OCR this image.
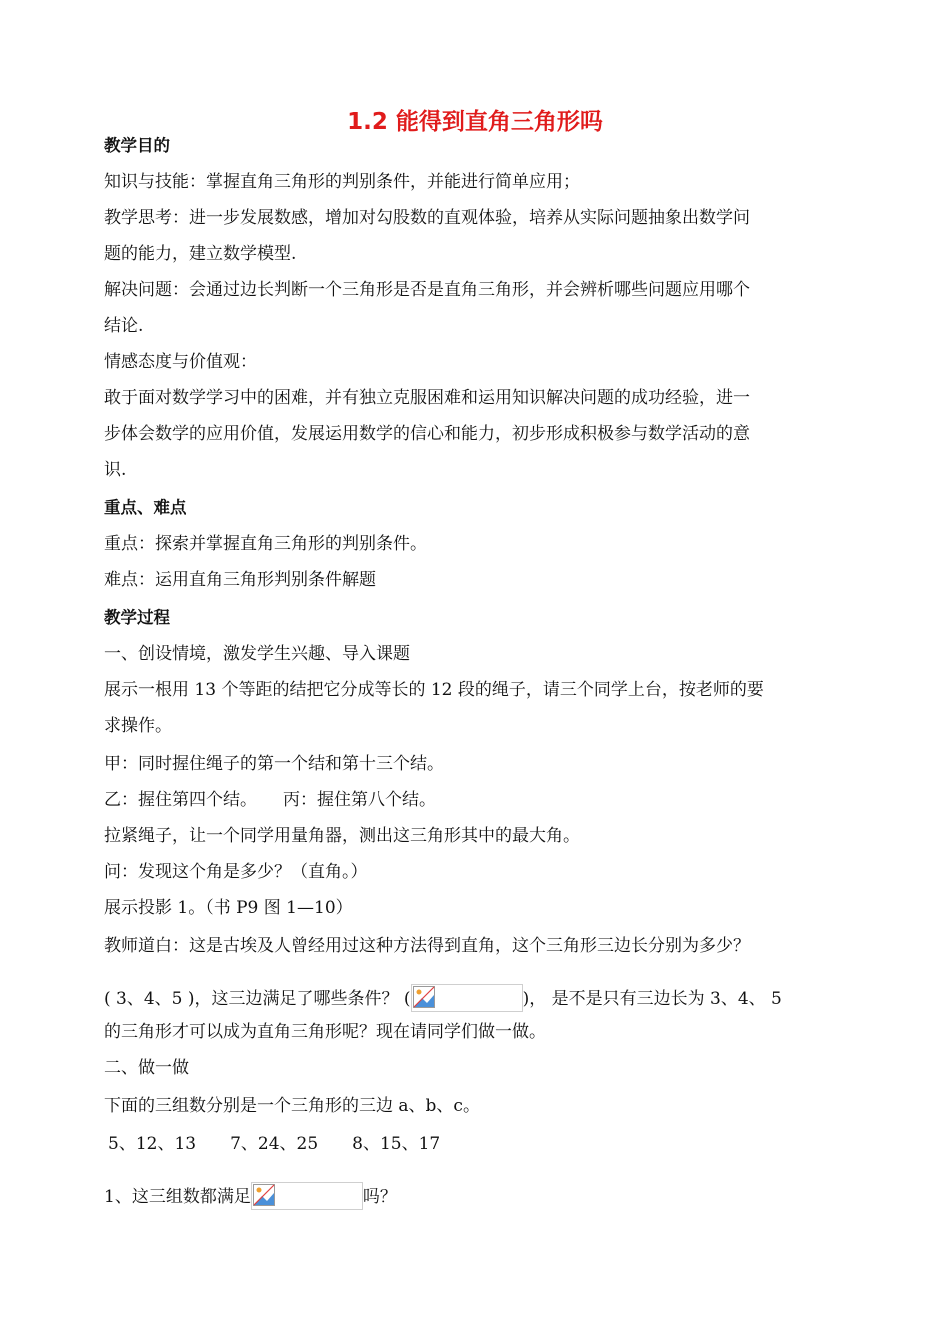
1.2 能得到直角三角形吗
教学目的
知识与技能：掌握直角三角形的判别条件，并能进行简单应用；
教学思考：进一步发展数感，增加对勾股数的直观体验，培养从实际问题抽象出数学问
题的能力，建立数学模型.
解决问题：会通过边长判断一个三角形是否是直角三角形，并会辨析哪些问题应用哪个
结论.
情感态度与价值观：
敢于面对数学学习中的困难，并有独立克服困难和运用知识解决问题的成功经验，进一
步体会数学的应用价值，发展运用数学的信心和能力，初步形成积极参与数学活动的意
识.
重点、难点
重点：探索并掌握直角三角形的判别条件。
难点：运用直角三角形判别条件解题
教学过程
一、创设情境，激发学生兴趣、导入课题
展示一根用 13 个等距的结把它分成等长的 12 段的绳子，请三个同学上台，按老师的要
求操作。
甲：同时握住绳子的第一个结和第十三个结。
乙：握住第四个结。 丙：握住第八个结。
拉紧绳子，让一个同学用量角器，测出这三角形其中的最大角。
问：发现这个角是多少？（直角。）
展示投影 1。（书 P9 图 1—10）
教师道白：这是古埃及人曾经用过这种方法得到直角，这个三角形三边长分别为多少？
( 3、4、5 )，这三边满足了哪些条件？ (	)， 是不是只有三边长为 3、4、 5
的三角形才可以成为直角三角形呢？现在请同学们做一做。
二、做一做
下面的三组数分别是一个三角形的三边 a、b、c。
5、12、13　　7、24、25　　8、15、17
1、这三组数都满足	吗？
